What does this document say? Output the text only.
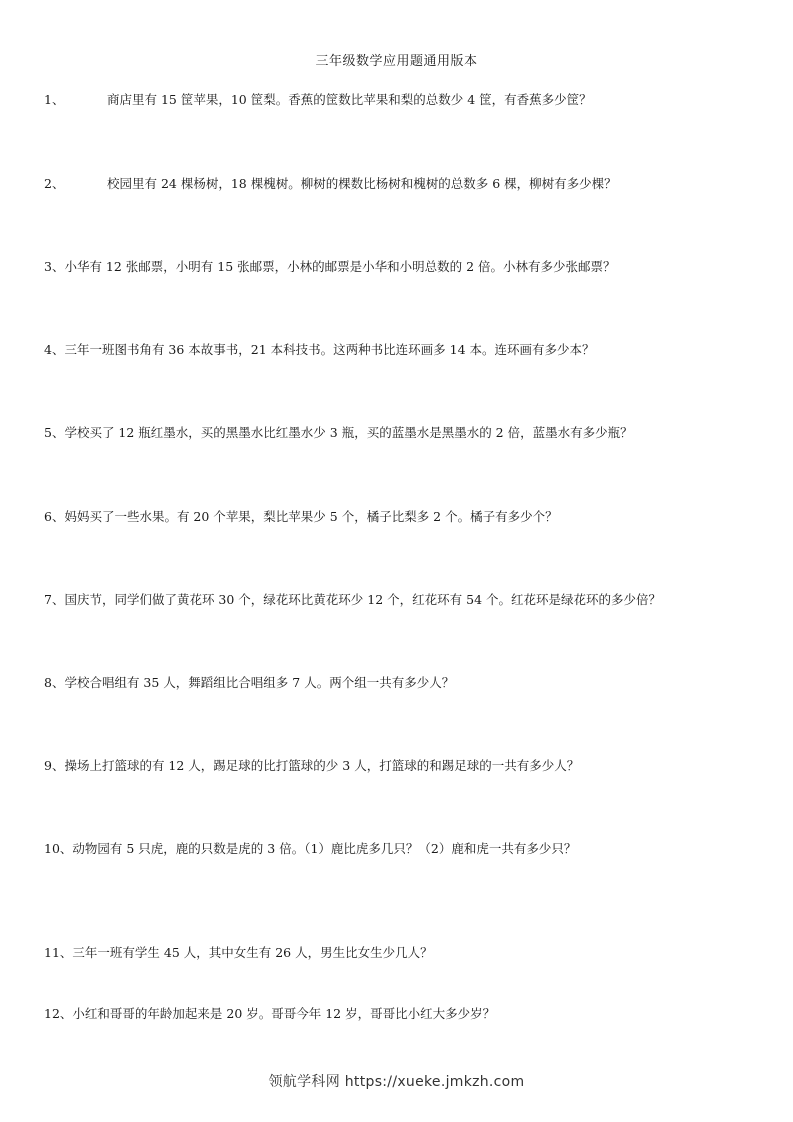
三年级数学应用题通用版本
1、	商店里有 15 筐苹果，10 筐梨。香蕉的筐数比苹果和梨的总数少 4 筐，有香蕉多少筐？
2、	校园里有 24 棵杨树，18 棵槐树。柳树的棵数比杨树和槐树的总数多 6 棵，柳树有多少棵？
3、小华有 12 张邮票，小明有 15 张邮票，小林的邮票是小华和小明总数的 2 倍。小林有多少张邮票？
4、三年一班图书角有 36 本故事书，21 本科技书。这两种书比连环画多 14 本。连环画有多少本？
5、学校买了 12 瓶红墨水，买的黑墨水比红墨水少 3 瓶，买的蓝墨水是黑墨水的 2 倍，蓝墨水有多少瓶？
6、妈妈买了一些水果。有 20 个苹果，梨比苹果少 5 个，橘子比梨多 2 个。橘子有多少个？
7、国庆节，同学们做了黄花环 30 个，绿花环比黄花环少 12 个，红花环有 54 个。红花环是绿花环的多少倍？
8、学校合唱组有 35 人，舞蹈组比合唱组多 7 人。两个组一共有多少人？
9、操场上打篮球的有 12 人，踢足球的比打篮球的少 3 人，打篮球的和踢足球的一共有多少人？
10、动物园有 5 只虎，鹿的只数是虎的 3 倍。（1）鹿比虎多几只？（2）鹿和虎一共有多少只？
11、三年一班有学生 45 人，其中女生有 26 人，男生比女生少几人？
12、小红和哥哥的年龄加起来是 20 岁。哥哥今年 12 岁，哥哥比小红大多少岁？
领航学科网 https://xueke.jmkzh.com
